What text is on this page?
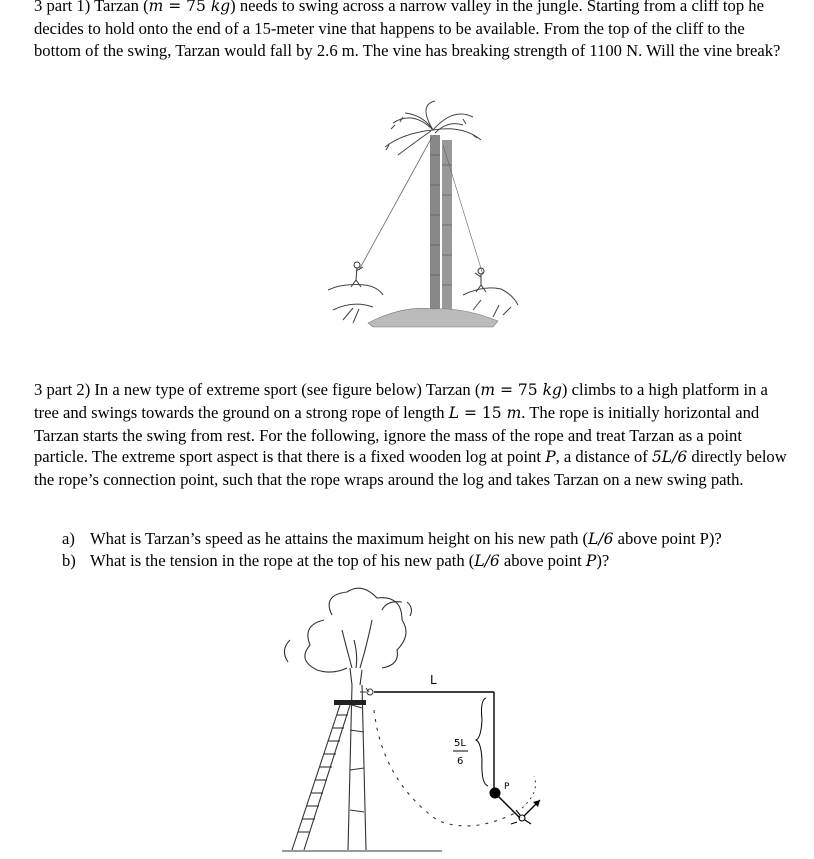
3 part 1) Tarzan (m = 75 kg) needs to swing across a narrow valley in the jungle. Starting from a cliff top he decides to hold onto the end of a 15-meter vine that happens to be available. From the top of the cliff to the bottom of the swing, Tarzan would fall by 2.6 m. The vine has breaking strength of 1100 N. Will the vine break?

3 part 2) In a new type of extreme sport (see figure below) Tarzan (m = 75 kg) climbs to a high platform in a tree and swings towards the ground on a strong rope of length L = 15 m. The rope is initially horizontal and Tarzan starts the swing from rest. For the following, ignore the mass of the rope and treat Tarzan as a point particle. The extreme sport aspect is that there is a fixed wooden log at point P, a distance of 5L/6 directly below the rope’s connection point, such that the rope wraps around the log and takes Tarzan on a new swing path.

a) What is Tarzan’s speed as he attains the maximum height on his new path (L/6 above point P)?
b) What is the tension in the rope at the top of his new path (L/6 above point P)?
L
5L
6
P
